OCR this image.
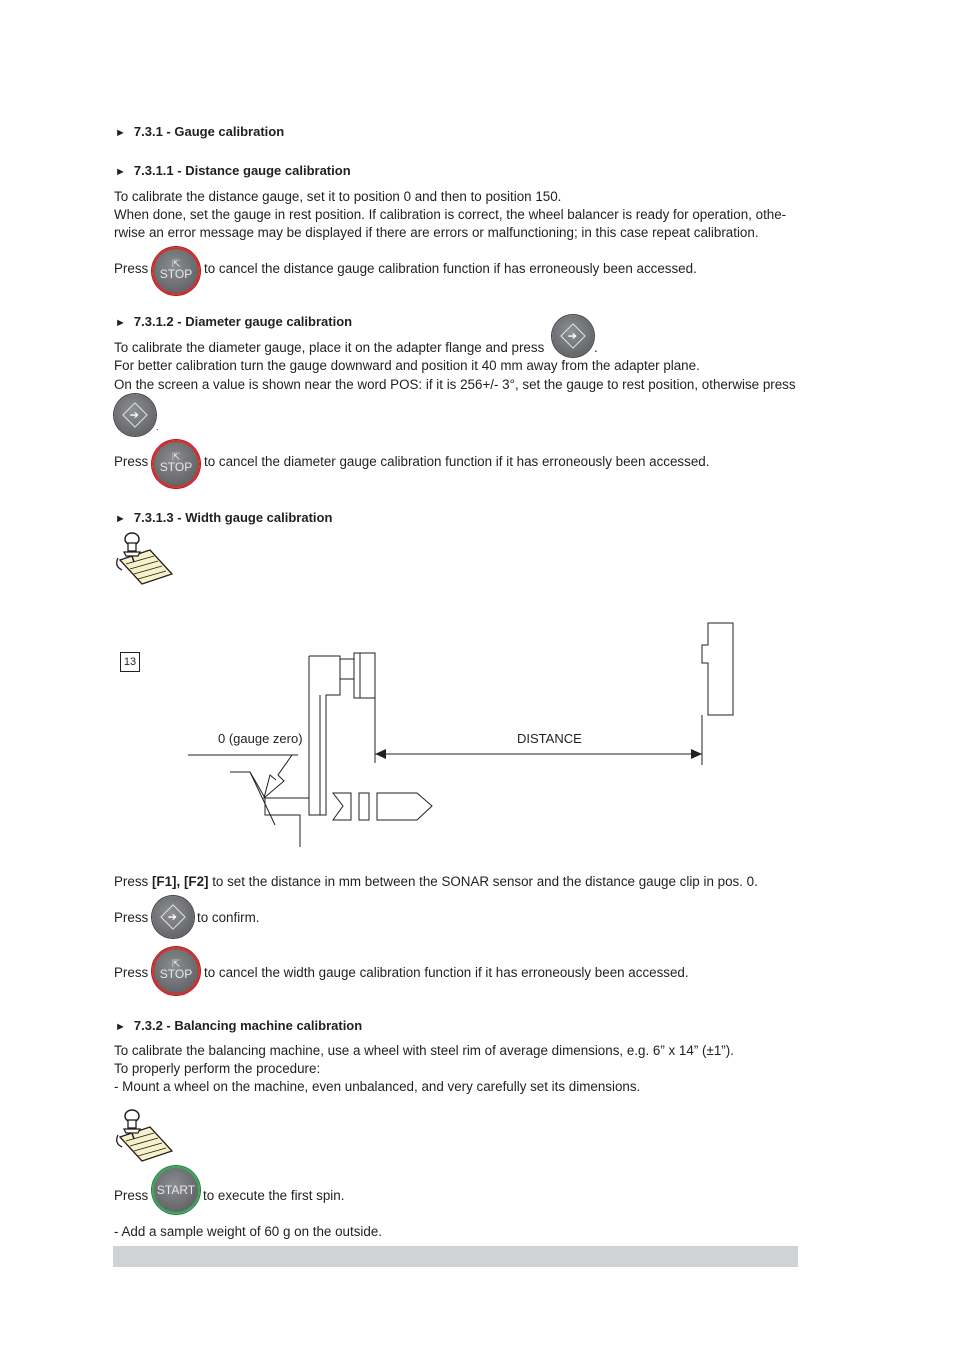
► 7.3.1 - Gauge calibration
► 7.3.1.1 - Distance gauge calibration
To calibrate the distance gauge, set it to position 0 and then to position 150.
When done, set the gauge in rest position. If calibration is correct, the wheel balancer is ready for operation, othe-
rwise an error message may be displayed if there are errors or malfunctioning; in this case repeat calibration.
Press ⇱
STOP to cancel the distance gauge calibration function if has erroneously been accessed.
► 7.3.1.2 - Diameter gauge calibration
To calibrate the diameter gauge, place it on the adapter flange and press
➔
.
For better calibration turn the gauge downward and position it 40 mm away from the adapter plane.
On the screen a value is shown near the word POS: if it is 256+/- 3°, set the gauge to rest position, otherwise press
➔
.
Press ⇱
STOP to cancel the diameter gauge calibration function if it has erroneously been accessed.
► 7.3.1.3 - Width gauge calibration
13
0 (gauge zero)	DISTANCE
Press [F1], [F2] to set the distance in mm between the SONAR sensor and the distance gauge clip in pos. 0.
Press ➔ to confirm.
Press
⇱
STOP to cancel the width gauge calibration function if it has erroneously been accessed.
► 7.3.2 - Balancing machine calibration
To calibrate the balancing machine, use a wheel with steel rim of average dimensions, e.g. 6” x 14” (±1”).
To properly perform the procedure:
- Mount a wheel on the machine, even unbalanced, and very carefully set its dimensions.
Press START to execute the first spin.
- Add a sample weight of 60 g on the outside.
